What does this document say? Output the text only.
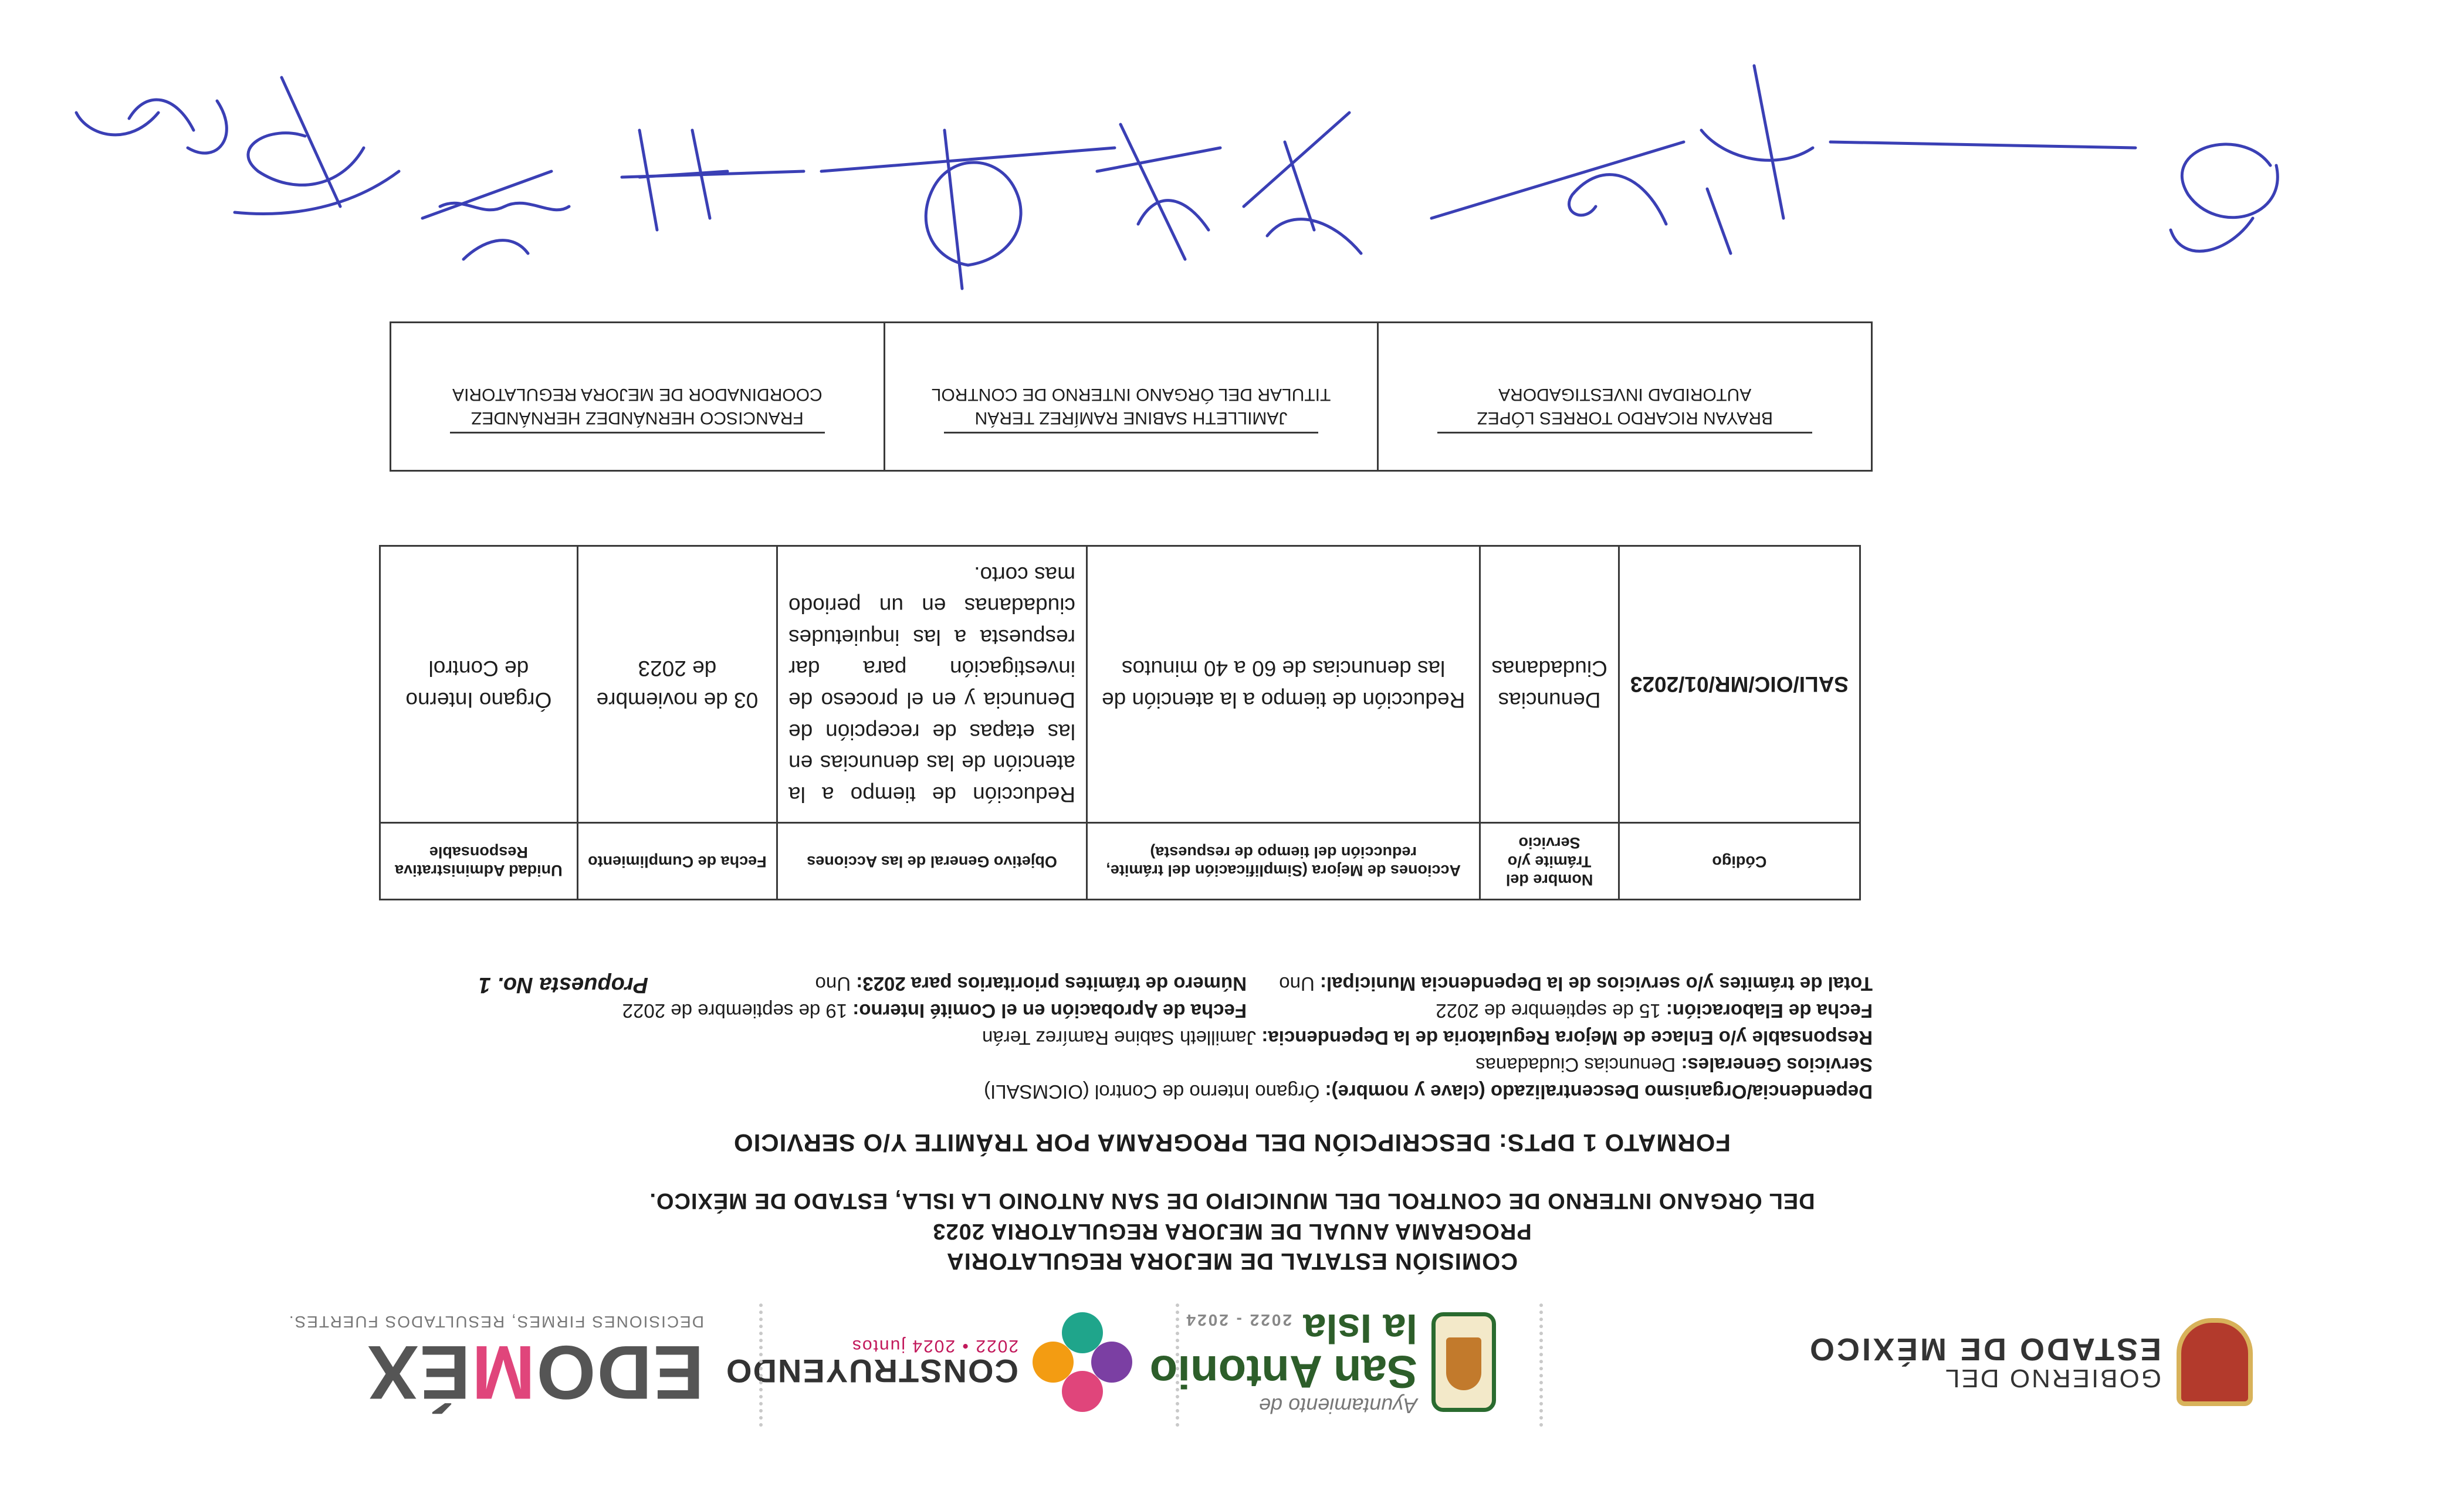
GOBIERNO DEL
ESTADO DE MÉXICO
Ayuntamiento de
San Antonio
la Isla 2022 - 2024
CONSTRUYENDO
2022 • 2024 juntos
EDOMÉX
DECISIONES FIRMES, RESULTADOS FUERTES.
COMISIÓN ESTATAL DE MEJORA REGULATORIA
PROGRAMA ANUAL DE MEJORA REGULATORIA 2023
DEL ÓRGANO INTERNO DE CONTROL DEL MUNICIPIO DE SAN ANTONIO LA ISLA, ESTADO DE MÉXICO.
FORMATO 1 DPTS: DESCRIPCIÓN DEL PROGRAMA POR TRÁMITE Y/O SERVICIO
Dependencia/Organismo Descentralizado (clave y nombre): Órgano Interno de Control (OICMSALI)
Servicios Generales: Denuncias Ciudadanas
Responsable y/o Enlace de Mejora Regulatoria de la Dependencia: Jamilleth Sabine Ramírez Terán
Fecha de Elaboración: 15 de septiembre de 2022
Fecha de Aprobación en el Comité Interno: 19 de septiembre de 2022
Total de trámites y/o servicios de la Dependencia Municipal: Uno
Número de trámites prioritarios para 2023: Uno
Propuesta No. 1
Código	Nombre del Trámite y/o Servicio	Acciones de Mejora (Simplificación del trámite, reducción del tiempo de respuesta)	Objetivo General de las Acciones	Fecha de Cumplimiento	Unidad Administrativa Responsable
SALI/OIC/MR/01/2023	Denuncias Ciudadanas	Reducción de tiempo a la atención de las denuncias de 60 a 40 minutos	Reducción de tiempo a la atención de las denuncias en las etapas de recepción de Denuncia y en el proceso de investigación para dar respuesta a las inquietudes ciudadanas en un periodo mas corto.	03 de noviembre de 2023	Órgano Interno de Control
BRAYAN RICARDO TORRES LÓPEZ
AUTORIDAD INVESTIGADORA
JAMILLETH SABINE RAMÍREZ TERÁN
TITULAR DEL ÓRGANO INTERNO DE CONTROL
FRANCISCO HERNÁNDEZ HERNÁNDEZ
COORDINADOR DE MEJORA REGULATORIA
